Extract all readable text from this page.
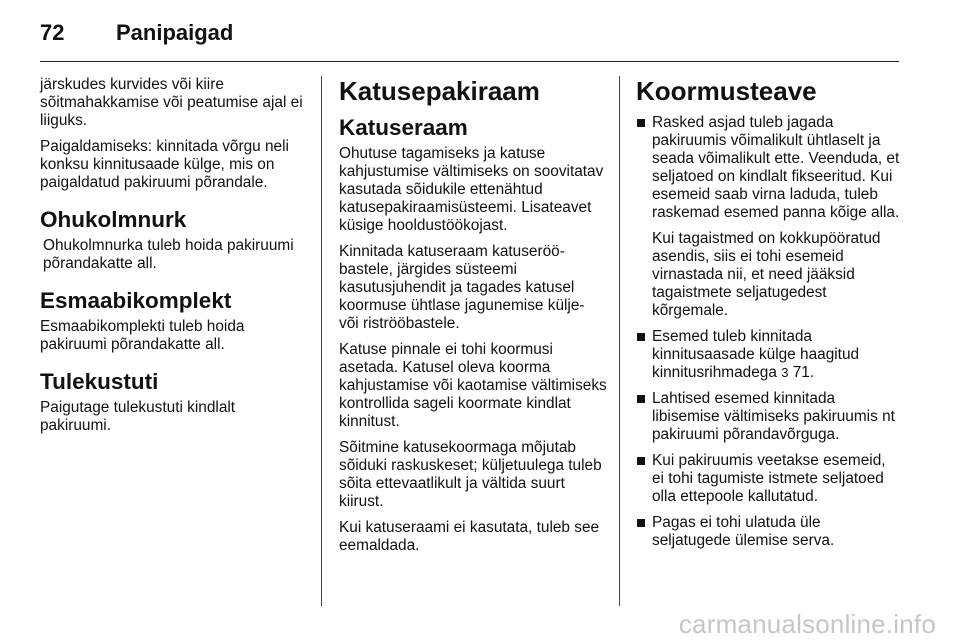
72	Panipaigad

järskudes kurvides või kiire sõitmahakkamise või peatumise ajal ei liiguks.

Paigaldamiseks: kinnitada võrgu neli konksu kinnitusaade külge, mis on paigaldatud pakiruumi põrandale.

Ohukolmnurk

Ohukolmnurka tuleb hoida pakiruumi põrandakatte all.

Esmaabikomplekt

Esmaabikomplekti tuleb hoida pakiruumi põrandakatte all.

Tulekustuti

Paigutage tulekustuti kindlalt pakiruumi.

Katusepakiraam
Katuseraam

Ohutuse tagamiseks ja katuse kahjustumise vältimiseks on soovitatav kasutada sõidukile ettenähtud katusepakiraamisüsteemi. Lisateavet küsige hooldustöökojast.

Kinnitada katuseraam katuserööbastele, järgides süsteemi kasutusjuhendit ja tagades katusel koormuse ühtlase jagunemise külje- või riströöbastele.

Katuse pinnale ei tohi koormusi asetada. Katusel oleva koorma kahjustamise või kaotamise vältimiseks kontrollida sageli koormate kindlat kinnitust.

Sõitmine katusekoormaga mõjutab sõiduki raskuskeset; küljetuulega tuleb sõita ettevaatlikult ja vältida suurt kiirust.

Kui katuseraami ei kasutata, tuleb see eemaldada.

Koormusteave

Rasked asjad tuleb jagada pakiruumis võimalikult ühtlaselt ja seada võimalikult ette. Veenduda, et seljatoed on kindlalt fikseeritud. Kui esemeid saab virna laduda, tuleb raskemad esemed panna kõige alla.

Kui tagaistmed on kokkupööratud asendis, siis ei tohi esemeid virnastada nii, et need jääksid tagaistmete seljatugedest kõrgemale.

Esemed tuleb kinnitada kinnitusaasade külge haagitud kinnitusrihmadega 3 71.

Lahtised esemed kinnitada libisemise vältimiseks pakiruumis nt pakiruumi põrandavõrguga.

Kui pakiruumis veetakse esemeid, ei tohi tagumiste istmete seljatoed olla ettepoole kallutatud.

Pagas ei tohi ulatuda üle seljatugede ülemise serva.

carmanualsonline.info
